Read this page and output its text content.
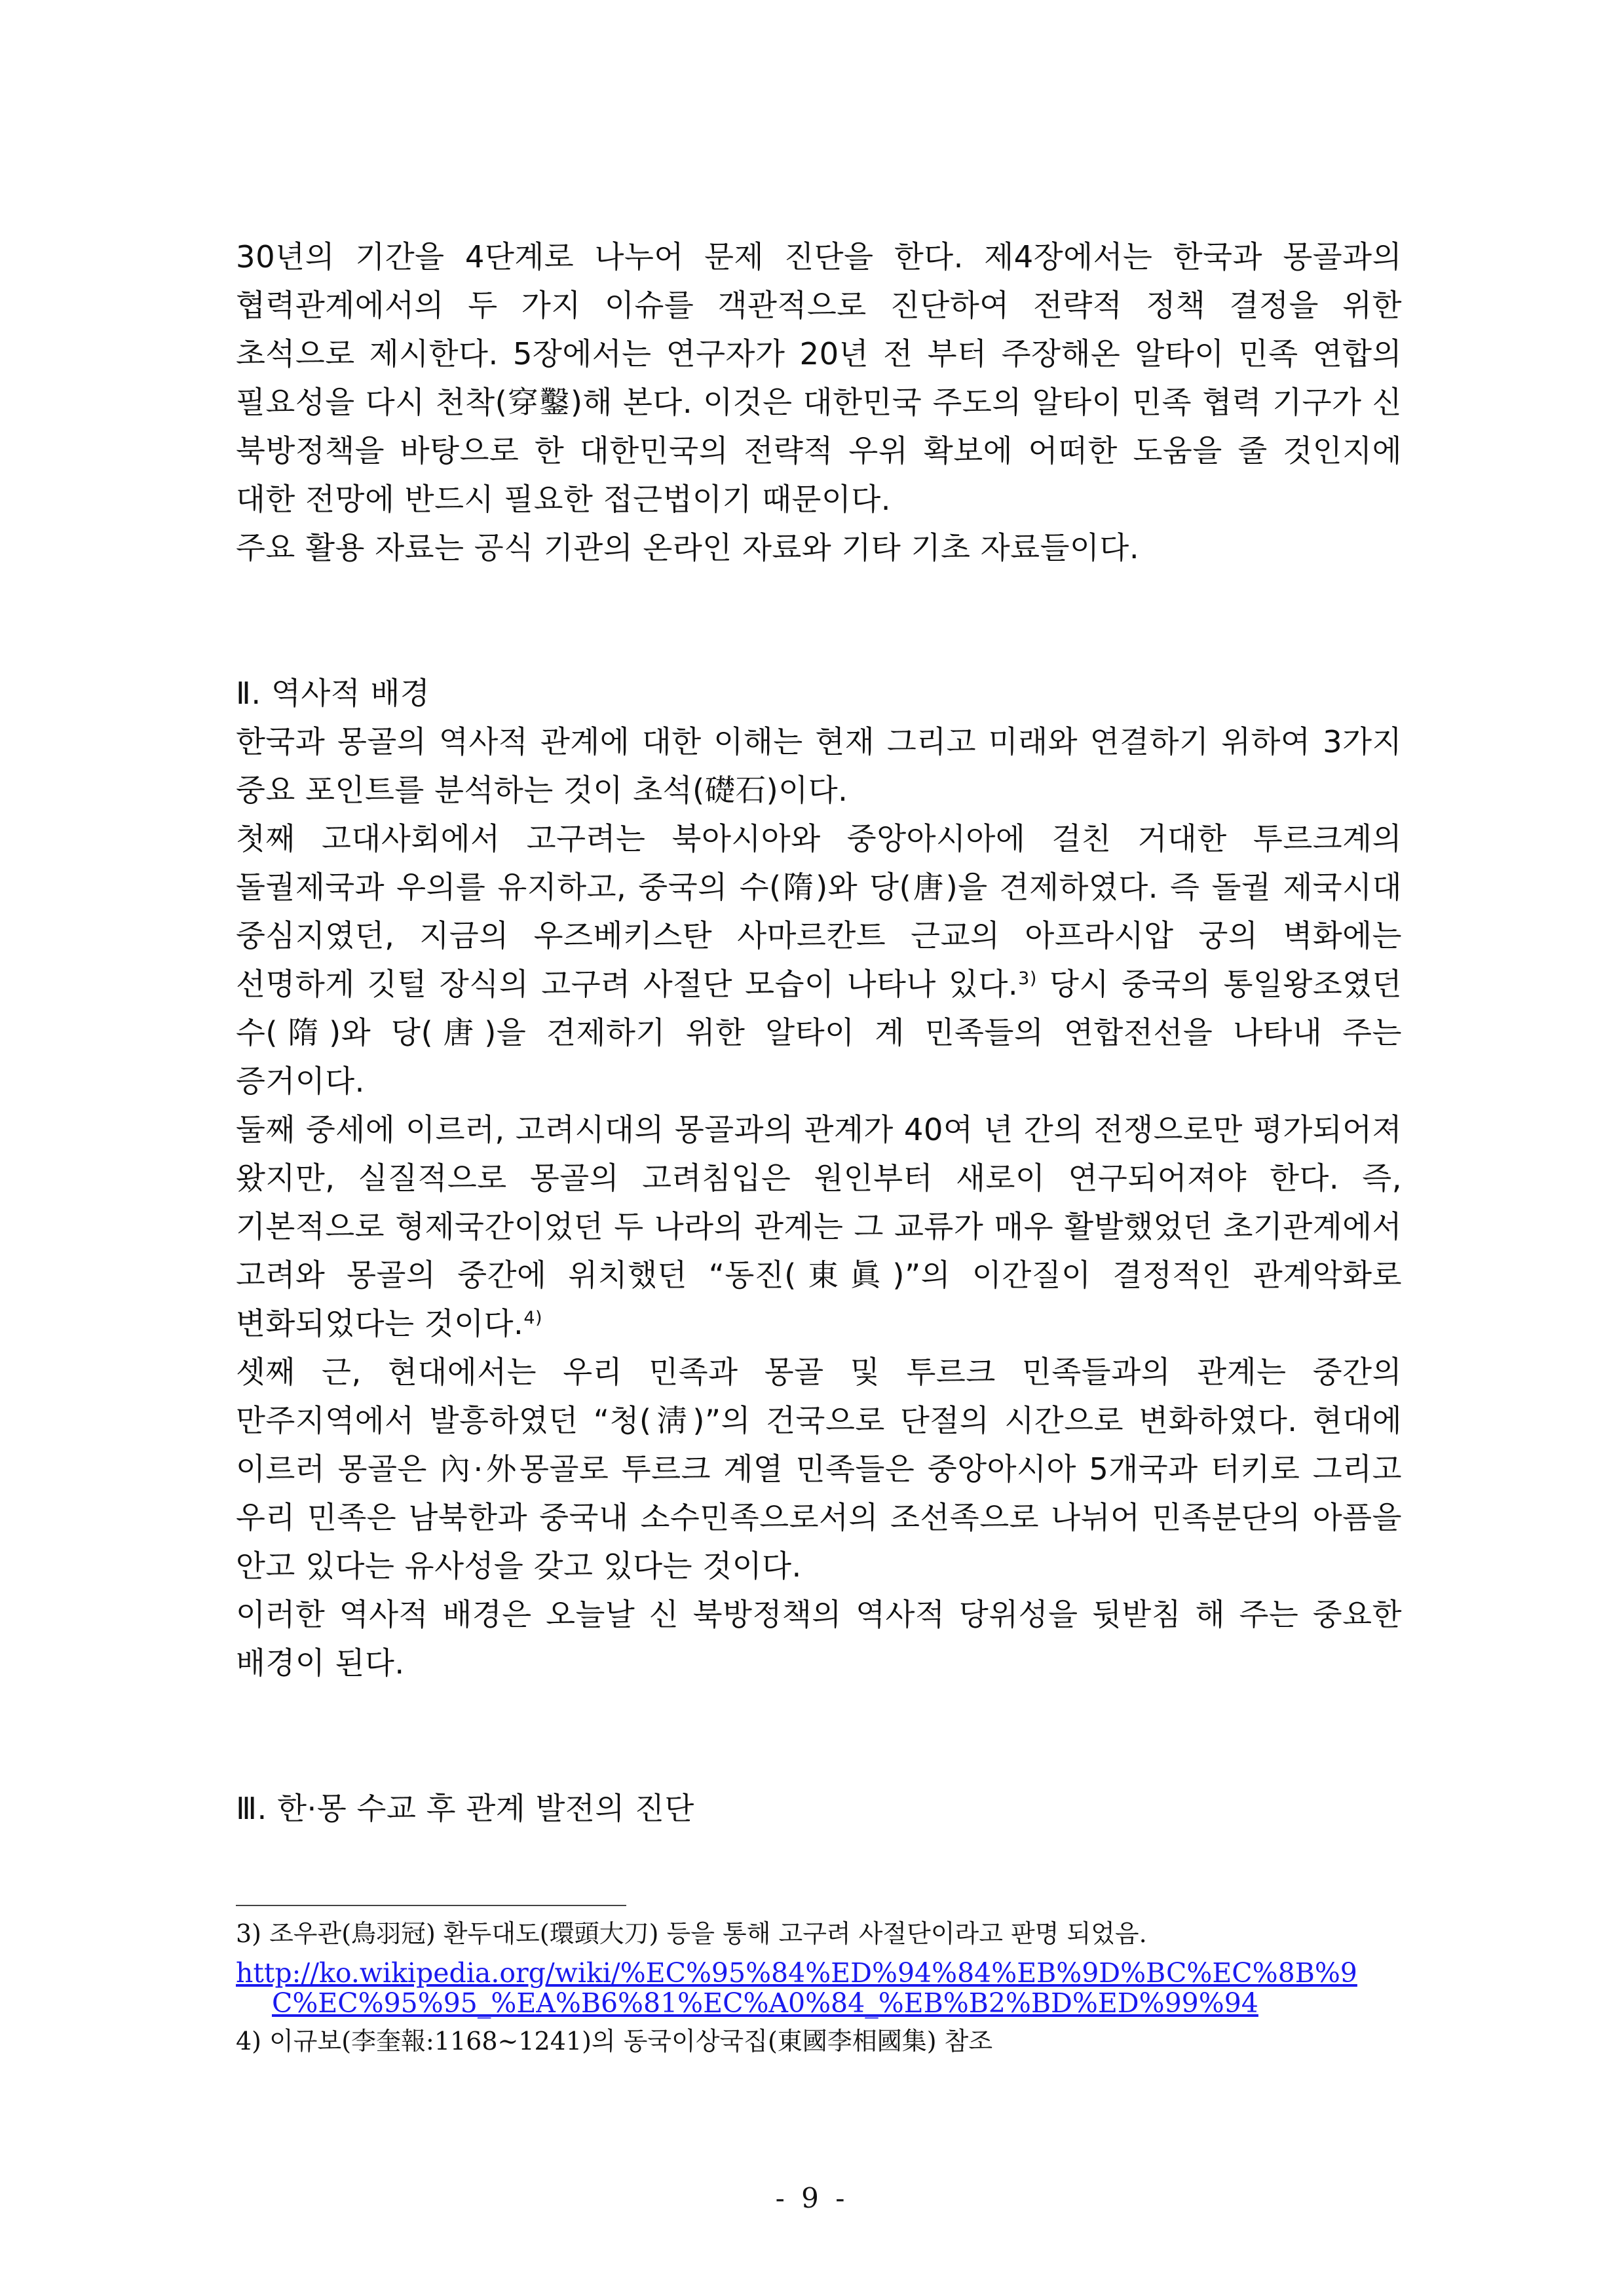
30년의 기간을 4단계로 나누어 문제 진단을 한다. 제4장에서는 한국과 몽골과의 협력관계에서의 두 가지 이슈를 객관적으로 진단하여 전략적 정책 결정을 위한 초석으로 제시한다. 5장에서는 연구자가 20년 전 부터 주장해온 알타이 민족 연합의 필요성을 다시 천착(穿鑿)해 본다. 이것은 대한민국 주도의 알타이 민족 협력 기구가 신 북방정책을 바탕으로 한 대한민국의 전략적 우위 확보에 어떠한 도움을 줄 것인지에 대한 전망에 반드시 필요한 접근법이기 때문이다.

주요 활용 자료는 공식 기관의 온라인 자료와 기타 기초 자료들이다.

Ⅱ. 역사적 배경

한국과 몽골의 역사적 관계에 대한 이해는 현재 그리고 미래와 연결하기 위하여 3가지 중요 포인트를 분석하는 것이 초석(礎石)이다.

첫째 고대사회에서 고구려는 북아시아와 중앙아시아에 걸친 거대한 투르크계의 돌궐제국과 우의를 유지하고, 중국의 수(隋)와 당(唐)을 견제하였다. 즉 돌궐 제국시대 중심지였던, 지금의 우즈베키스탄 사마르칸트 근교의 아프라시압 궁의 벽화에는 선명하게 깃털 장식의 고구려 사절단 모습이 나타나 있다.$^{3)}$ 당시 중국의 통일왕조였던 수(隋)와 당(唐)을 견제하기 위한 알타이 계 민족들의 연합전선을 나타내 주는 증거이다.

둘째 중세에 이르러, 고려시대의 몽골과의 관계가 40여 년 간의 전쟁으로만 평가되어져 왔지만, 실질적으로 몽골의 고려침입은 원인부터 새로이 연구되어져야 한다. 즉, 기본적으로 형제국간이었던 두 나라의 관계는 그 교류가 매우 활발했었던 초기관계에서 고려와 몽골의 중간에 위치했던 “동진(東眞)”의 이간질이 결정적인 관계악화로 변화되었다는 것이다.$^{4)}$

셋째 근, 현대에서는 우리 민족과 몽골 및 투르크 민족들과의 관계는 중간의 만주지역에서 발흥하였던 “청(淸)”의 건국으로 단절의 시간으로 변화하였다. 현대에 이르러 몽골은 內·外몽골로 투르크 계열 민족들은 중앙아시아 5개국과 터키로 그리고 우리 민족은 남북한과 중국내 소수민족으로서의 조선족으로 나뉘어 민족분단의 아픔을 안고 있다는 유사성을 갖고 있다는 것이다.

이러한 역사적 배경은 오늘날 신 북방정책의 역사적 당위성을 뒷받침 해 주는 중요한 배경이 된다.

Ⅲ. 한·몽 수교 후 관계 발전의 진단

3) 조우관(鳥羽冠) 환두대도(環頭大刀) 등을 통해 고구려 사절단이라고 판명 되었음.

http://ko.wikipedia.org/wiki/%EC%95%84%ED%94%84%EB%9D%BC%EC%8B%9C%EC%95%95_%EA%B6%81%EC%A0%84_%EB%B2%BD%ED%99%94

4) 이규보(李奎報:1168~1241)의 동국이상국집(東國李相國集) 참조

- 9 -
